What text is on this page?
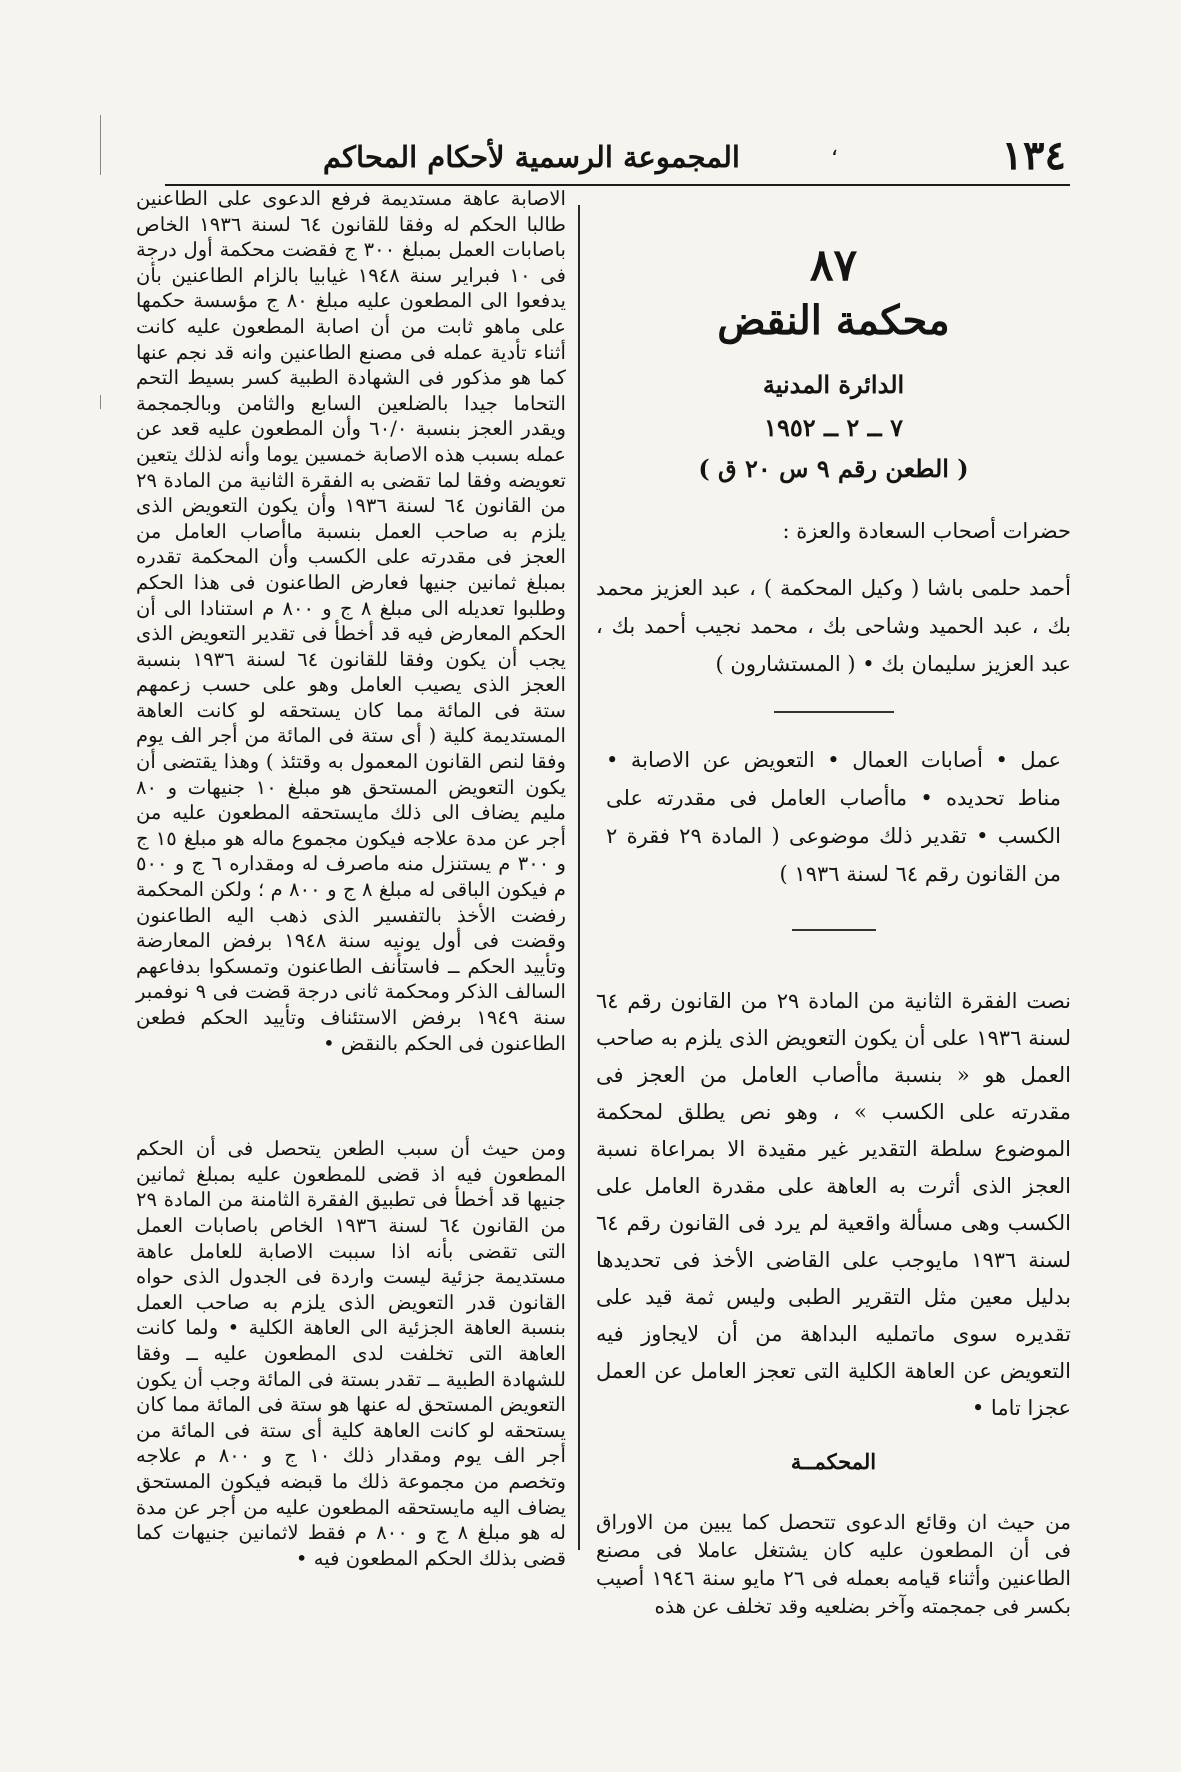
١٣٤
المجموعة الرسمية لأحكام المحاكم	،
٨٧
محكمة النقض
الدائرة المدنية
٧ ــ ٢ ــ ١٩٥٢
( الطعن رقم ٩ س ٢٠ ق )
حضرات أصحاب السعادة والعزة :
أحمد حلمى باشا ( وكيل المحكمة ) ، عبد العزيز محمد بك ، عبد الحميد وشاحى بك ، محمد نجيب أحمد بك ، عبد العزيز سليمان بك • ( المستشارون )
عمل • أصابات العمال • التعويض عن الاصابة • مناط تحديده • ماأصاب العامل فى مقدرته على الكسب • تقدير ذلك موضوعى ( المادة ٢٩ فقرة ٢ من القانون رقم ٦٤ لسنة ١٩٣٦ )
نصت الفقرة الثانية من المادة ٢٩ من القانون رقم ٦٤ لسنة ١٩٣٦ على أن يكون التعويض الذى يلزم به صاحب العمل هو « بنسبة ماأصاب العامل من العجز فى مقدرته على الكسب » ، وهو نص يطلق لمحكمة الموضوع سلطة التقدير غير مقيدة الا بمراعاة نسبة العجز الذى أثرت به العاهة على مقدرة العامل على الكسب وهى مسألة واقعية لم يرد فى القانون رقم ٦٤ لسنة ١٩٣٦ مايوجب على القاضى الأخذ فى تحديدها بدليل معين مثل التقرير الطبى وليس ثمة قيد على تقديره سوى ماتمليه البداهة من أن لايجاوز فيه التعويض عن العاهة الكلية التى تعجز العامل عن العمل عجزا تاما •
المحكمــة
من حيث ان وقائع الدعوى تتحصل كما يبين من الاوراق فى أن المطعون عليه كان يشتغل عاملا فى مصنع الطاعنين وأثناء قيامه بعمله فى ٢٦ مايو سنة ١٩٤٦ أصيب بكسر فى جمجمته وآخر بضلعيه وقد تخلف عن هذه

الاصابة عاهة مستديمة فرفع الدعوى على الطاعنين طالبا الحكم له وفقا للقانون ٦٤ لسنة ١٩٣٦ الخاص باصابات العمل بمبلغ ٣٠٠ ج فقضت محكمة أول درجة فى ١٠ فبراير سنة ١٩٤٨ غيابيا بالزام الطاعنين بأن يدفعوا الى المطعون عليه مبلغ ٨٠ ج مؤسسة حكمها على ماهو ثابت من أن اصابة المطعون عليه كانت أثناء تأدية عمله فى مصنع الطاعنين وانه قد نجم عنها كما هو مذكور فى الشهادة الطبية كسر بسيط التحم التحاما جيدا بالضلعين السابع والثامن وبالجمجمة ويقدر العجز بنسبة ٦٠/٠ وأن المطعون عليه قعد عن عمله بسبب هذه الاصابة خمسين يوما وأنه لذلك يتعين تعويضه وفقا لما تقضى به الفقرة الثانية من المادة ٢٩ من القانون ٦٤ لسنة ١٩٣٦ وأن يكون التعويض الذى يلزم به صاحب العمل بنسبة ماأصاب العامل من العجز فى مقدرته على الكسب وأن المحكمة تقدره بمبلغ ثمانين جنيها فعارض الطاعنون فى هذا الحكم وطلبوا تعديله الى مبلغ ٨ ج و ٨٠٠ م استنادا الى أن الحكم المعارض فيه قد أخطأ فى تقدير التعويض الذى يجب أن يكون وفقا للقانون ٦٤ لسنة ١٩٣٦ بنسبة العجز الذى يصيب العامل وهو على حسب زعمهم ستة فى المائة مما كان يستحقه لو كانت العاهة المستديمة كلية ( أى ستة فى المائة من أجر الف يوم وفقا لنص القانون المعمول به وقتئذ ) وهذا يقتضى أن يكون التعويض المستحق هو مبلغ ١٠ جنيهات و ٨٠ مليم يضاف الى ذلك مايستحقه المطعون عليه من أجر عن مدة علاجه فيكون مجموع ماله هو مبلغ ١٥ ج و ٣٠٠ م يستنزل منه ماصرف له ومقداره ٦ ج و ٥٠٠ م فيكون الباقى له مبلغ ٨ ج و ٨٠٠ م ؛ ولكن المحكمة رفضت الأخذ بالتفسير الذى ذهب اليه الطاعنون وقضت فى أول يونيه سنة ١٩٤٨ برفض المعارضة وتأييد الحكم ــ فاستأنف الطاعنون وتمسكوا بدفاعهم السالف الذكر ومحكمة ثانى درجة قضت فى ٩ نوفمبر سنة ١٩٤٩ برفض الاستئناف وتأييد الحكم فطعن الطاعنون فى الحكم بالنقض •

ومن حيث أن سبب الطعن يتحصل فى أن الحكم المطعون فيه اذ قضى للمطعون عليه بمبلغ ثمانين جنيها قد أخطأ فى تطبيق الفقرة الثامنة من المادة ٢٩ من القانون ٦٤ لسنة ١٩٣٦ الخاص باصابات العمل التى تقضى بأنه اذا سببت الاصابة للعامل عاهة مستديمة جزئية ليست واردة فى الجدول الذى حواه القانون قدر التعويض الذى يلزم به صاحب العمل بنسبة العاهة الجزئية الى العاهة الكلية • ولما كانت العاهة التى تخلفت لدى المطعون عليه ــ وفقا للشهادة الطبية ــ تقدر بستة فى المائة وجب أن يكون التعويض المستحق له عنها هو ستة فى المائة مما كان يستحقه لو كانت العاهة كلية أى ستة فى المائة من أجر الف يوم ومقدار ذلك ١٠ ج و ٨٠٠ م علاجه وتخصم من مجموعة ذلك ما قبضه فيكون المستحق يضاف اليه مايستحقه المطعون عليه من أجر عن مدة له هو مبلغ ٨ ج و ٨٠٠ م فقط لاثمانين جنيهات كما قضى بذلك الحكم المطعون فيه •
